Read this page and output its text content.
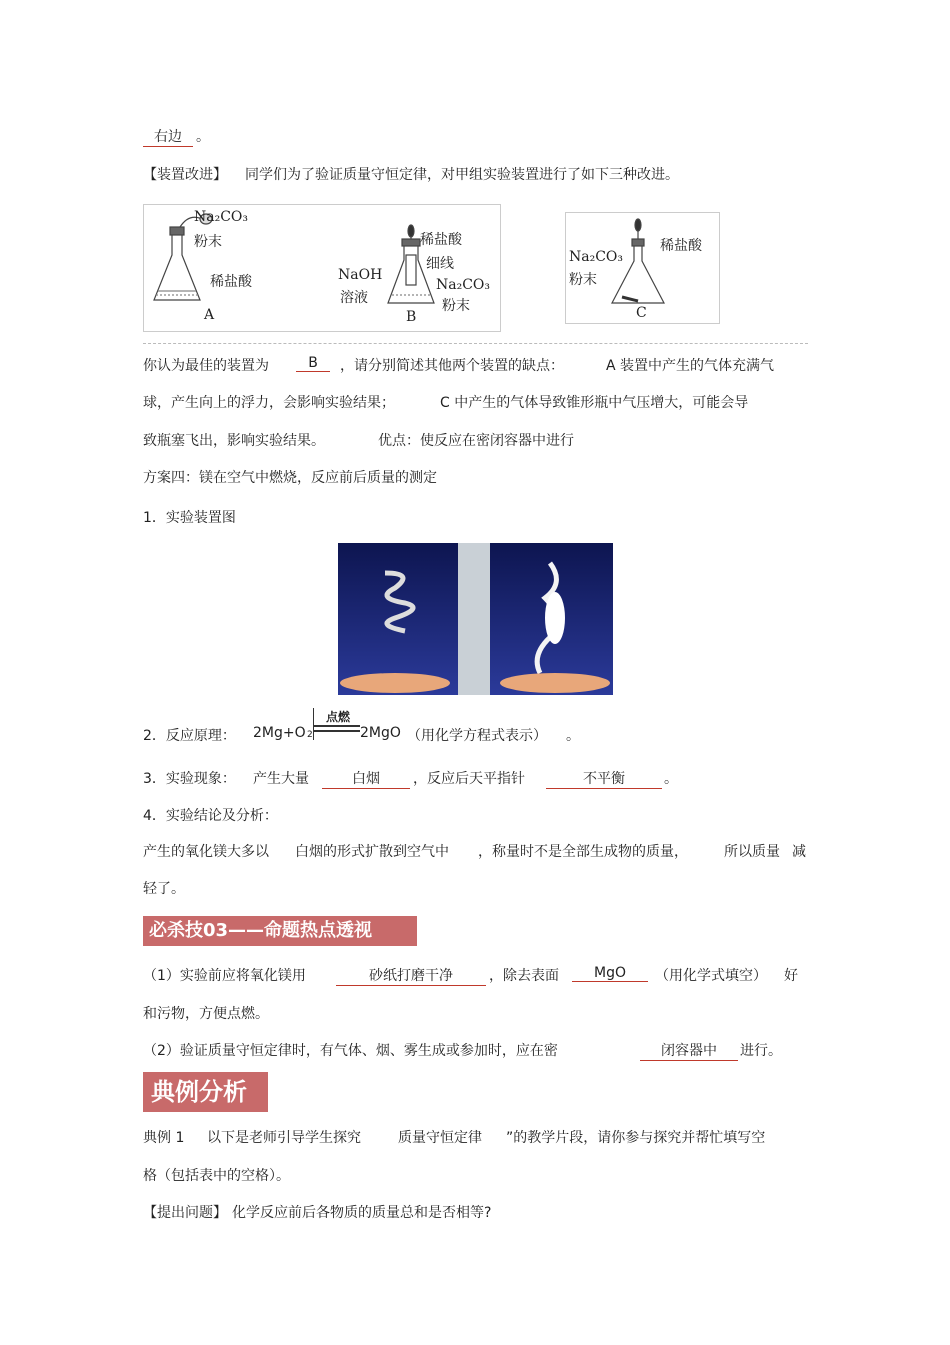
右边	。
【装置改进】 同学们为了验证质量守恒定律，对甲组实验装置进行了如下三种改进。
Na₂CO₃
粉末
稀盐酸
A
稀盐酸
细线
NaOH
溶液
Na₂CO₃
粉末
B
稀盐酸
Na₂CO₃
粉末
C
你认为最佳的装置为	B	，请分别简述其他两个装置的缺点：	A 装置中产生的气体充满气
球，产生向上的浮力，会影响实验结果；	C 中产生的气体导致锥形瓶中气压增大，可能会导
致瓶塞飞出，影响实验结果。	优点：使反应在密闭容器中进行
方案四：镁在空气中燃烧，反应前后质量的测定
1．实验装置图
2．反应原理： 2Mg+O 2
点燃
2MgO （用化学方程式表示） 。
3．实验现象： 产生大量	白烟	，反应后天平指针	不平衡	。
4．实验结论及分析：
产生的氧化镁大多以 白烟的形式扩散到空气中 ，称量时不是全部生成物的质量，	所以质量 减
轻了。
必杀技03——命题热点透视
（1）实验前应将氧化镁用	砂纸打磨干净	，除去表面	MgO	（用化学式填空） 好
和污物，方便点燃。
（2）验证质量守恒定律时，有气体、烟、雾生成或参加时，应在密	闭容器中	进行。
典例分析
典例 1 以下是老师引导学生探究	质量守恒定律 ”的教学片段，请你参与探究并帮忙填写空
格（包括表中的空格）。
【提出问题】 化学反应前后各物质的质量总和是否相等?
